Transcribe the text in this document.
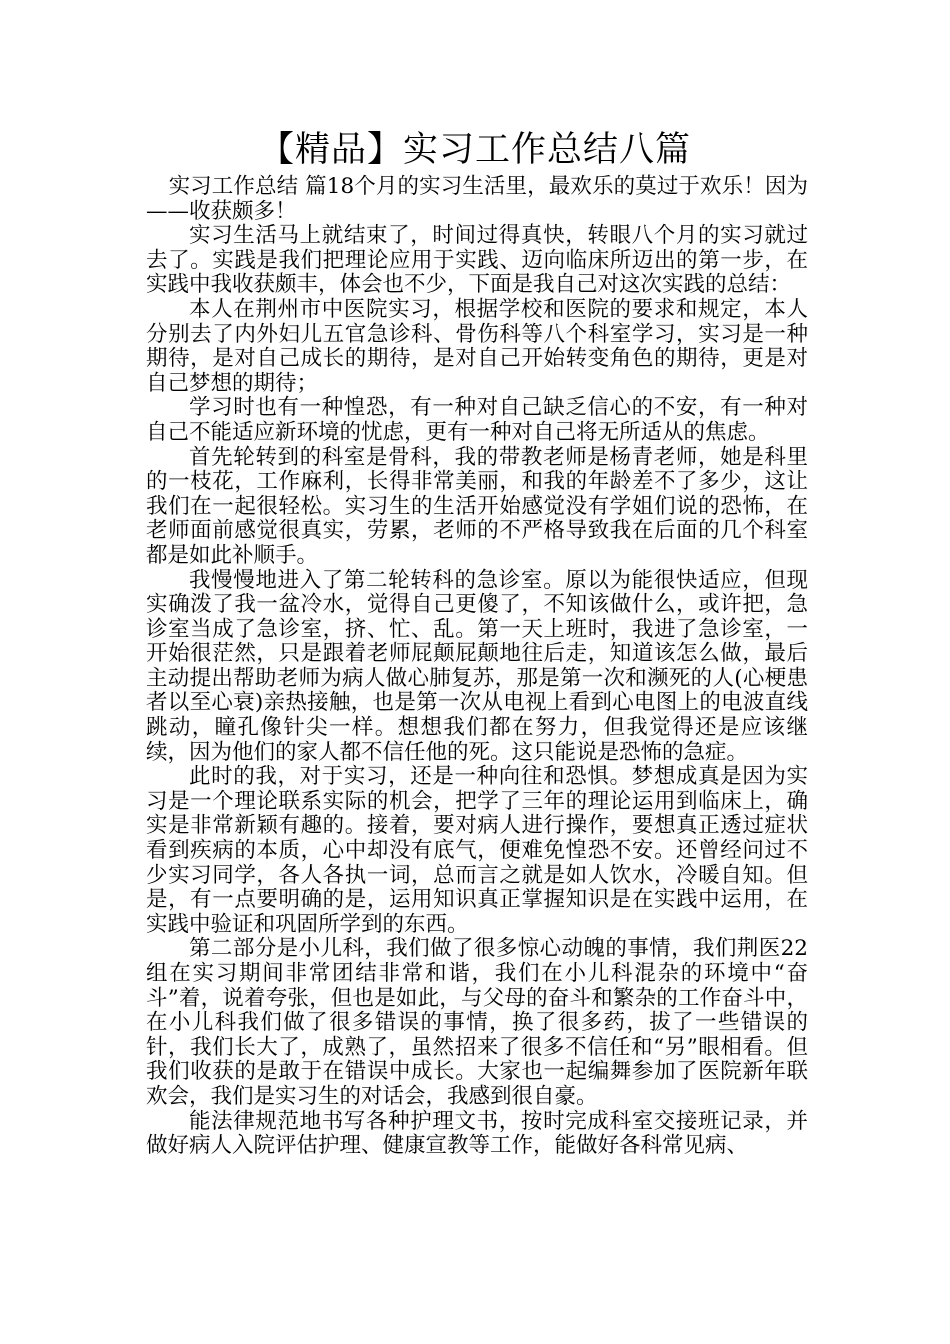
【精品】实习工作总结八篇

实习工作总结 篇18个月的实习生活里，最欢乐的莫过于欢乐！因为——收获颇多！

实习生活马上就结束了，时间过得真快，转眼八个月的实习就过去了。实践是我们把理论应用于实践、迈向临床所迈出的第一步，在实践中我收获颇丰，体会也不少，下面是我自己对这次实践的总结：

本人在荆州市中医院实习，根据学校和医院的要求和规定，本人分别去了内外妇儿五官急诊科、骨伤科等八个科室学习，实习是一种期待，是对自己成长的期待，是对自己开始转变角色的期待，更是对自己梦想的期待；

学习时也有一种惶恐，有一种对自己缺乏信心的不安，有一种对自己不能适应新环境的忧虑，更有一种对自己将无所适从的焦虑。

首先轮转到的科室是骨科，我的带教老师是杨青老师，她是科里的一枝花，工作麻利，长得非常美丽，和我的年龄差不了多少，这让我们在一起很轻松。实习生的生活开始感觉没有学姐们说的恐怖，在老师面前感觉很真实，劳累，老师的不严格导致我在后面的几个科室都是如此补顺手。

我慢慢地进入了第二轮转科的急诊室。原以为能很快适应，但现实确泼了我一盆冷水，觉得自己更傻了，不知该做什么，或许把，急诊室当成了急诊室，挤、忙、乱。第一天上班时，我进了急诊室，一开始很茫然，只是跟着老师屁颠屁颠地往后走，知道该怎么做，最后主动提出帮助老师为病人做心肺复苏，那是第一次和濒死的人(心梗患者以至心衰)亲热接触，也是第一次从电视上看到心电图上的电波直线跳动，瞳孔像针尖一样。想想我们都在努力，但我觉得还是应该继续，因为他们的家人都不信任他的死。这只能说是恐怖的急症。

此时的我，对于实习，还是一种向往和恐惧。梦想成真是因为实习是一个理论联系实际的机会，把学了三年的理论运用到临床上，确实是非常新颖有趣的。接着，要对病人进行操作，要想真正透过症状看到疾病的本质，心中却没有底气，便难免惶恐不安。还曾经问过不少实习同学，各人各执一词，总而言之就是如人饮水，冷暖自知。但是，有一点要明确的是，运用知识真正掌握知识是在实践中运用，在实践中验证和巩固所学到的东西。

第二部分是小儿科，我们做了很多惊心动魄的事情，我们荆医22组在实习期间非常团结非常和谐，我们在小儿科混杂的环境中“奋斗”着，说着夸张，但也是如此，与父母的奋斗和繁杂的工作奋斗中，在小儿科我们做了很多错误的事情，换了很多药，拔了一些错误的针，我们长大了，成熟了，虽然招来了很多不信任和“另”眼相看。但我们收获的是敢于在错误中成长。大家也一起编舞参加了医院新年联欢会，我们是实习生的对话会，我感到很自豪。

能法律规范地书写各种护理文书，按时完成科室交接班记录，并做好病人入院评估护理、健康宣教等工作，能做好各科常见病、
